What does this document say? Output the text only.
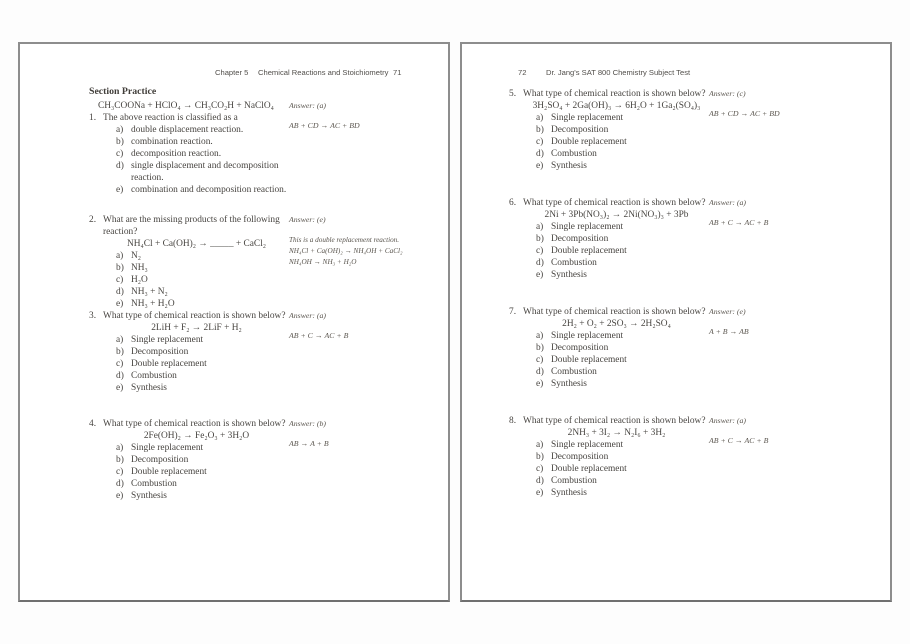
Chapter 5 Chemical Reactions and Stoichiometry 71
Section Practice
CH₃COONa + HClO₄ → CH₃CO₂H + NaClO₄
1. The above reaction is classified as a
a) double displacement reaction.
b) combination reaction.
c) decomposition reaction.
d) single displacement and decomposition reaction.
e) combination and decomposition reaction.
Answer: (a)
AB + CD → AC + BD
2. What are the missing products of the following reaction?
NH₄Cl + Ca(OH)₂ → _____ + CaCl₂
a) N₂
b) NH₃
c) H₂O
d) NH₃ + N₂
e) NH₃ + H₂O
Answer: (e)
This is a double replacement reaction.
NH₄Cl + Ca(OH)₂ → NH₄OH + CaCl₂
NH₄OH → NH₃ + H₂O
3. What type of chemical reaction is shown below?
2LiH + F₂ → 2LiF + H₂
a) Single replacement
b) Decomposition
c) Double replacement
d) Combustion
e) Synthesis
Answer: (a)
AB + C → AC + B
4. What type of chemical reaction is shown below?
2Fe(OH)₂ → Fe₂O₃ + 3H₂O
a) Single replacement
b) Decomposition
c) Double replacement
d) Combustion
e) Synthesis
Answer: (b)
AB → A + B
72	Dr. Jang's SAT 800 Chemistry Subject Test
5. What type of chemical reaction is shown below?
3H₂SO₄ + 2Ga(OH)₃ → 6H₂O + 1Ga₂(SO₄)₃
a) Single replacement
b) Decomposition
c) Double replacement
d) Combustion
e) Synthesis
Answer: (c)
AB + CD → AC + BD
6. What type of chemical reaction is shown below?
2Ni + 3Pb(NO₃)₂ → 2Ni(NO₃)₃ + 3Pb
a) Single replacement
b) Decomposition
c) Double replacement
d) Combustion
e) Synthesis
Answer: (a)
AB + C → AC + B
7. What type of chemical reaction is shown below?
2H₂ + O₂ + 2SO₃ → 2H₂SO₄
a) Single replacement
b) Decomposition
c) Double replacement
d) Combustion
e) Synthesis
Answer: (e)
A + B → AB
8. What type of chemical reaction is shown below?
2NH₃ + 3I₂ → N₂I₆ + 3H₂
a) Single replacement
b) Decomposition
c) Double replacement
d) Combustion
e) Synthesis
Answer: (a)
AB + C → AC + B
